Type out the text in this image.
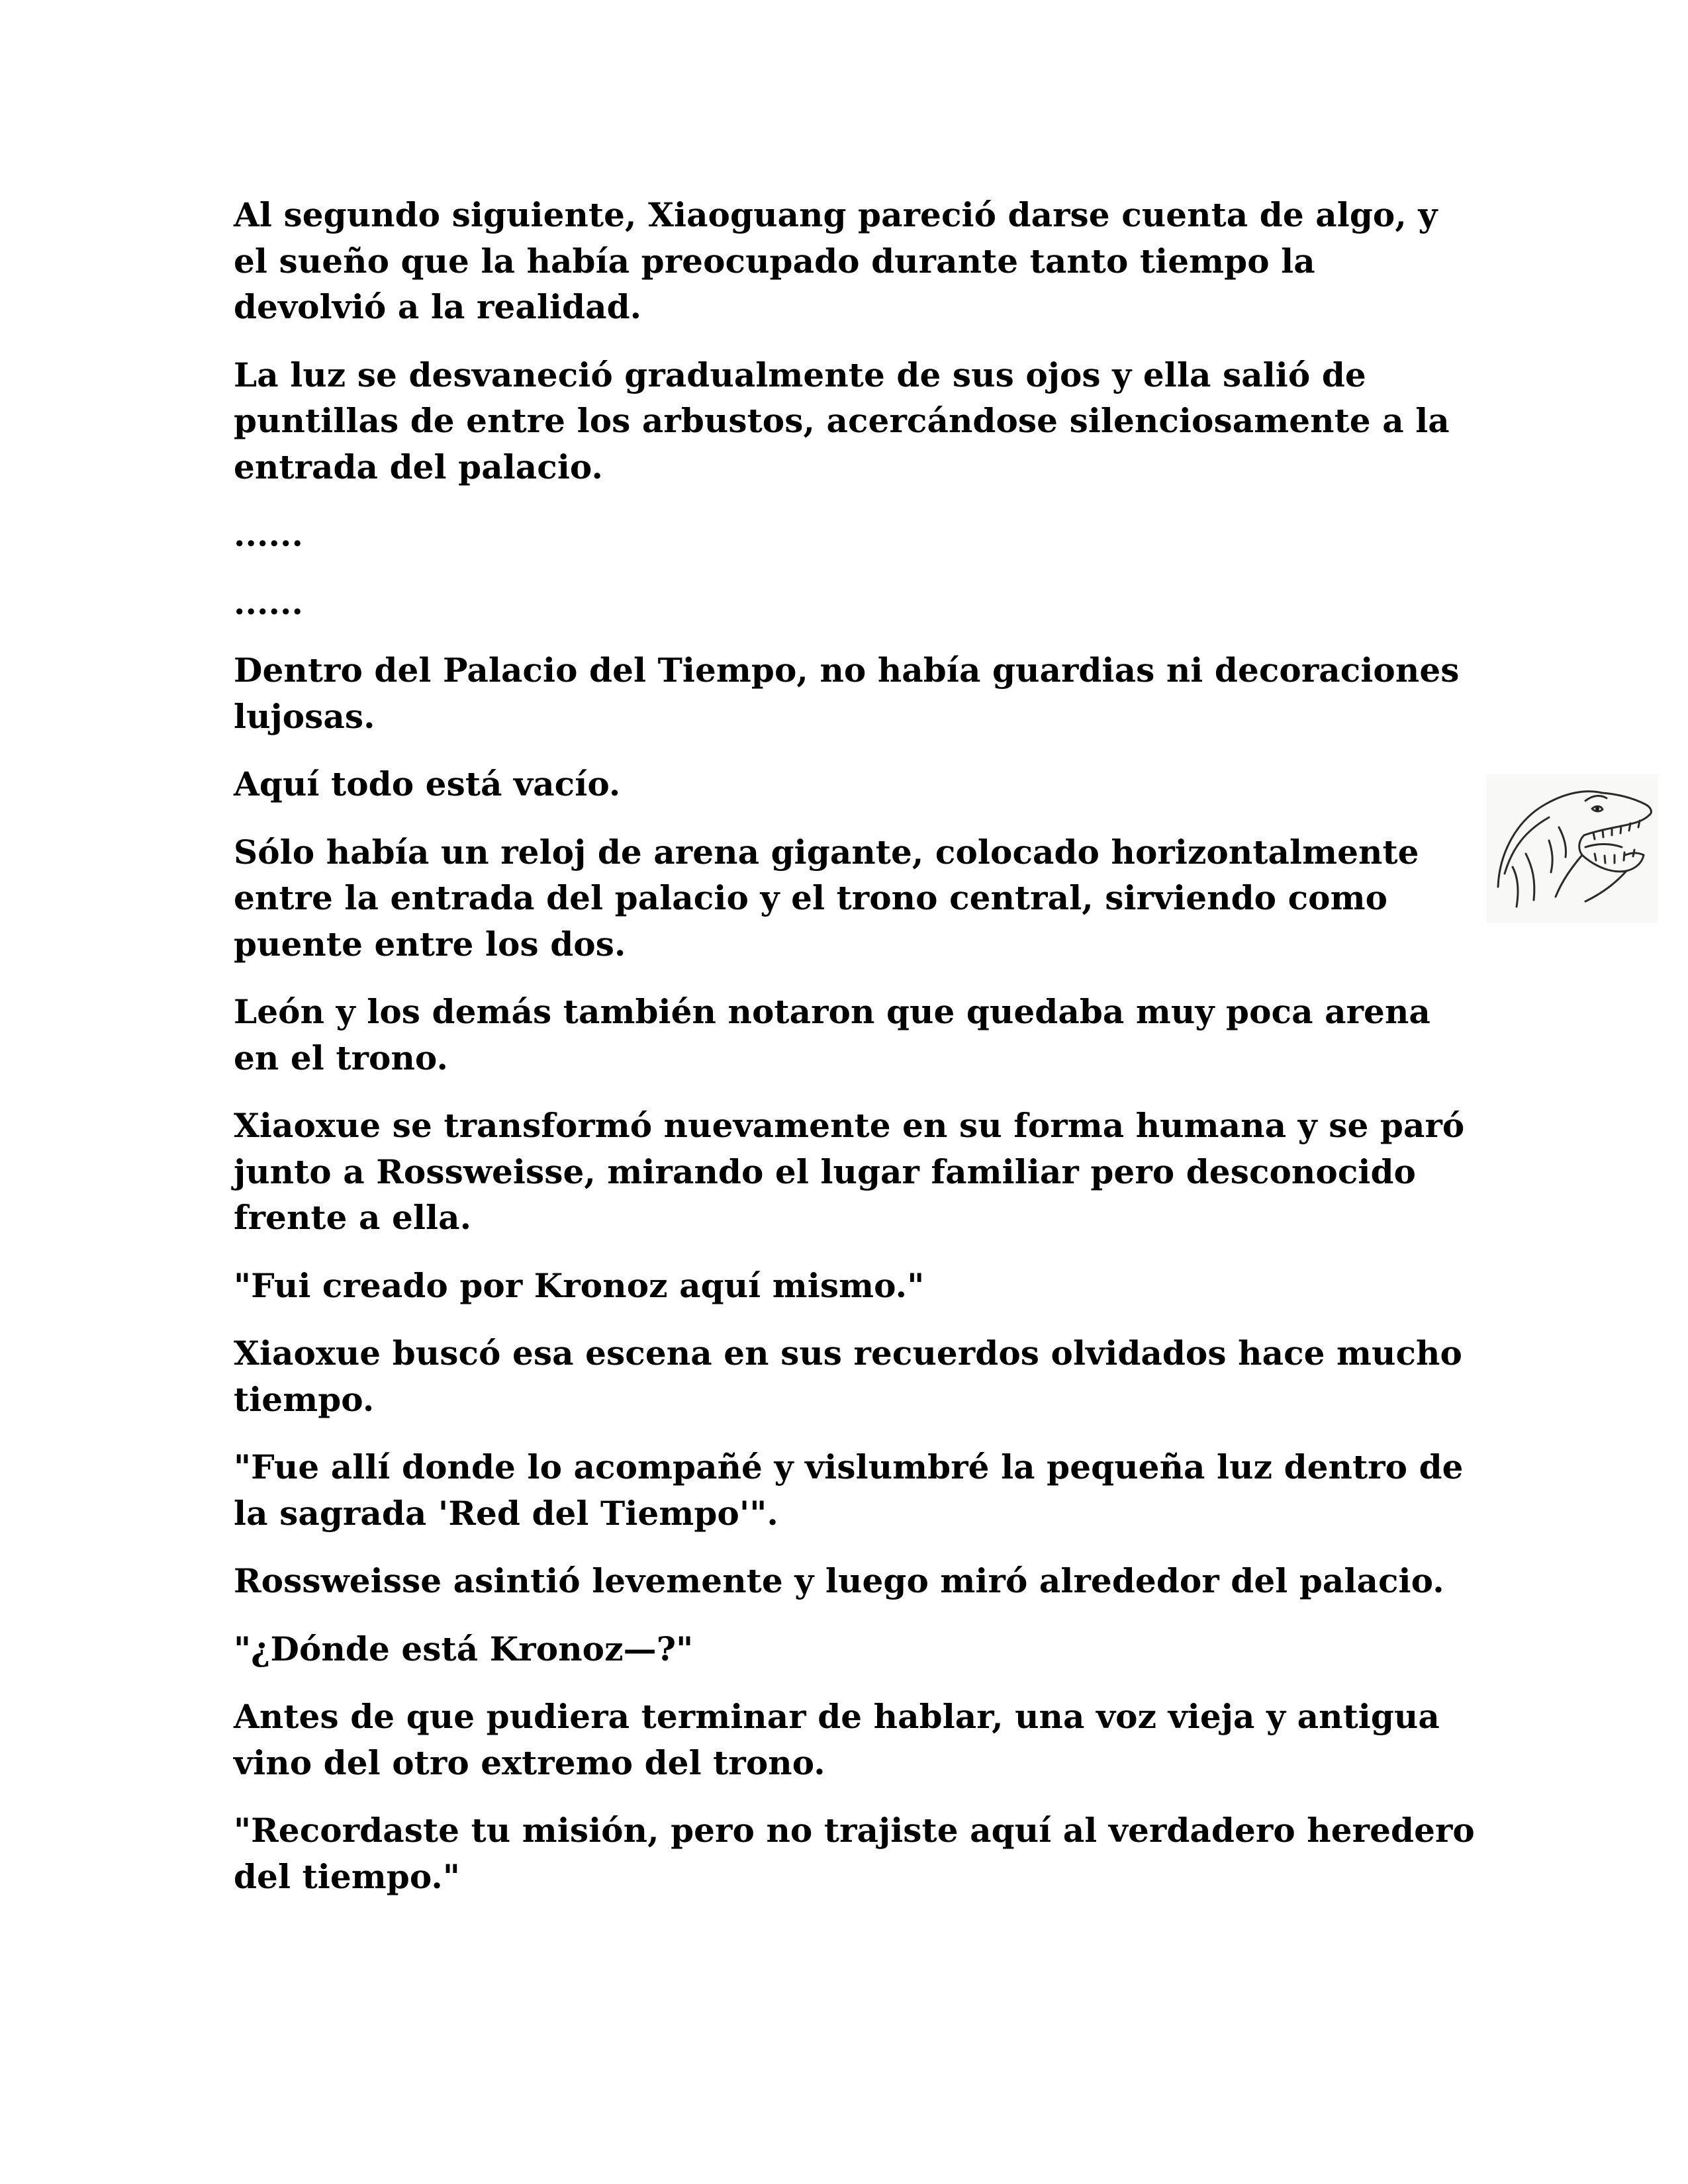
Al segundo siguiente, Xiaoguang pareció darse cuenta de algo, y el sueño que la había preocupado durante tanto tiempo la devolvió a la realidad.

La luz se desvaneció gradualmente de sus ojos y ella salió de puntillas de entre los arbustos, acercándose silenciosamente a la entrada del palacio.

......

......

Dentro del Palacio del Tiempo, no había guardias ni decoraciones lujosas.

Aquí todo está vacío.

Sólo había un reloj de arena gigante, colocado horizontalmente entre la entrada del palacio y el trono central, sirviendo como puente entre los dos.

León y los demás también notaron que quedaba muy poca arena en el trono.

Xiaoxue se transformó nuevamente en su forma humana y se paró junto a Rossweisse, mirando el lugar familiar pero desconocido frente a ella.

"Fui creado por Kronoz aquí mismo."

Xiaoxue buscó esa escena en sus recuerdos olvidados hace mucho tiempo.

"Fue allí donde lo acompañé y vislumbré la pequeña luz dentro de la sagrada 'Red del Tiempo'".

Rossweisse asintió levemente y luego miró alrededor del palacio.

"¿Dónde está Kronoz—?"

Antes de que pudiera terminar de hablar, una voz vieja y antigua vino del otro extremo del trono.

"Recordaste tu misión, pero no trajiste aquí al verdadero heredero del tiempo."
